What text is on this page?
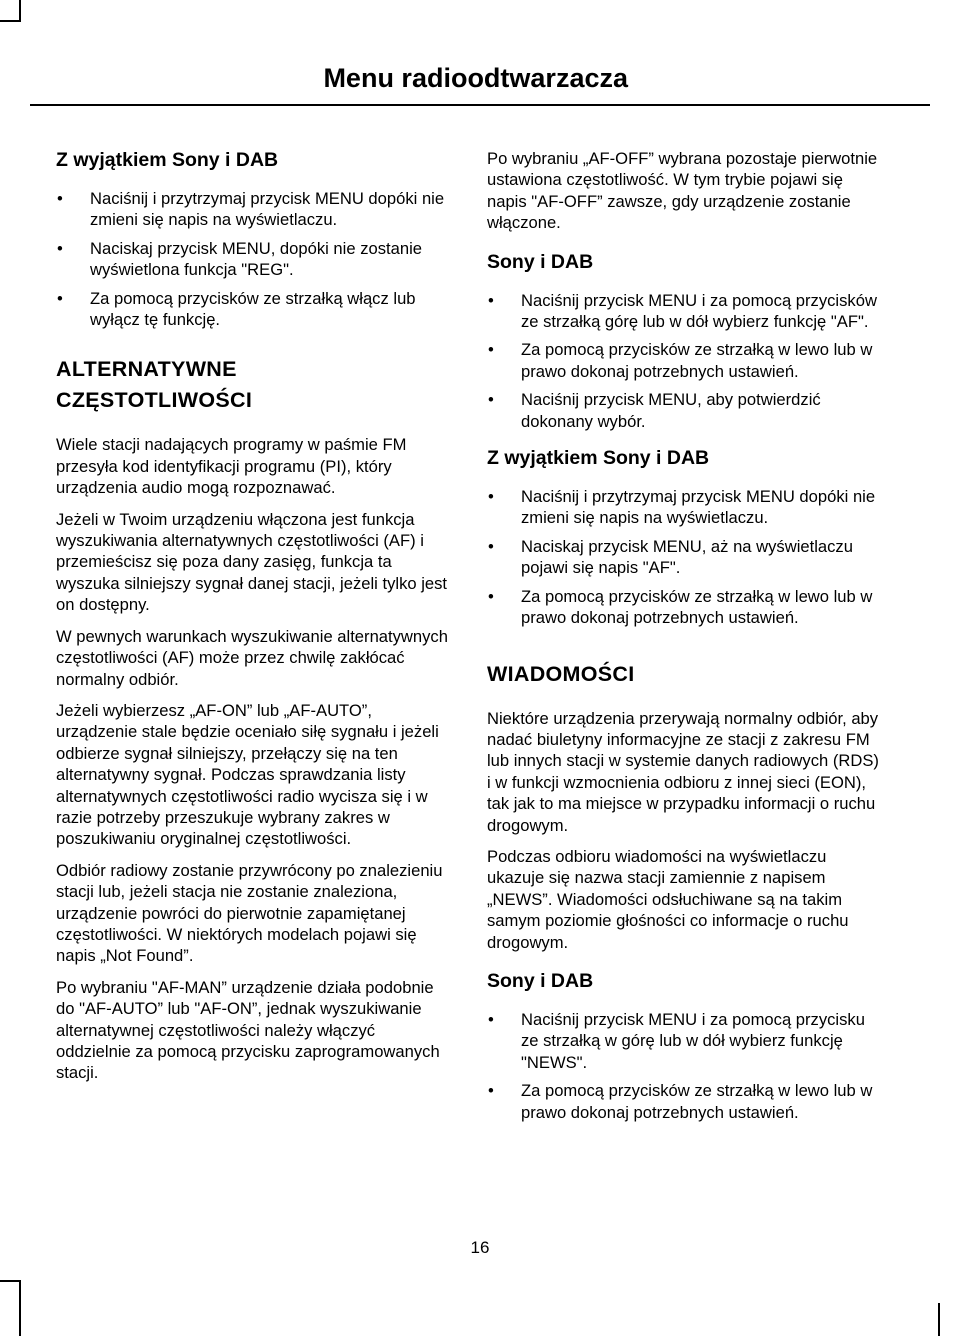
Menu radioodtwarzacza
Z wyjątkiem Sony i DAB
• Naciśnij i przytrzymaj przycisk MENU dopóki nie zmieni się napis na wyświetlaczu.
• Naciskaj przycisk MENU, dopóki nie zostanie wyświetlona funkcja "REG".
• Za pomocą przycisków ze strzałką włącz lub wyłącz tę funkcję.
ALTERNATYWNE CZĘSTOTLIWOŚCI

Wiele stacji nadających programy w paśmie FM przesyła kod identyfikacji programu (PI), który urządzenia audio mogą rozpoznawać.

Jeżeli w Twoim urządzeniu włączona jest funkcja wyszukiwania alternatywnych częstotliwości (AF) i przemieścisz się poza dany zasięg, funkcja ta wyszuka silniejszy sygnał danej stacji, jeżeli tylko jest on dostępny.

W pewnych warunkach wyszukiwanie alternatywnych częstotliwości (AF) może przez chwilę zakłócać normalny odbiór.

Jeżeli wybierzesz „AF-ON” lub „AF-AUTO”, urządzenie stale będzie oceniało siłę sygnału i jeżeli odbierze sygnał silniejszy, przełączy się na ten alternatywny sygnał. Podczas sprawdzania listy alternatywnych częstotliwości radio wycisza się i w razie potrzeby przeszukuje wybrany zakres w poszukiwaniu oryginalnej częstotliwości.

Odbiór radiowy zostanie przywrócony po znalezieniu stacji lub, jeżeli stacja nie zostanie znaleziona, urządzenie powróci do pierwotnie zapamiętanej częstotliwości. W niektórych modelach pojawi się napis „Not Found”.

Po wybraniu "AF-MAN” urządzenie działa podobnie do "AF-AUTO” lub "AF-ON”, jednak wyszukiwanie alternatywnej częstotliwości należy włączyć oddzielnie za pomocą przycisku zaprogramowanych stacji.

Po wybraniu „AF-OFF” wybrana pozostaje pierwotnie ustawiona częstotliwość. W tym trybie pojawi się napis "AF-OFF” zawsze, gdy urządzenie zostanie włączone.

Sony i DAB
• Naciśnij przycisk MENU i za pomocą przycisków ze strzałką górę lub w dół wybierz funkcję "AF".
• Za pomocą przycisków ze strzałką w lewo lub w prawo dokonaj potrzebnych ustawień.
• Naciśnij przycisk MENU, aby potwierdzić dokonany wybór.
Z wyjątkiem Sony i DAB
• Naciśnij i przytrzymaj przycisk MENU dopóki nie zmieni się napis na wyświetlaczu.
• Naciskaj przycisk MENU, aż na wyświetlaczu pojawi się napis "AF".
• Za pomocą przycisków ze strzałką w lewo lub w prawo dokonaj potrzebnych ustawień.
WIADOMOŚCI

Niektóre urządzenia przerywają normalny odbiór, aby nadać biuletyny informacyjne ze stacji z zakresu FM lub innych stacji w systemie danych radiowych (RDS) i w funkcji wzmocnienia odbioru z innej sieci (EON), tak jak to ma miejsce w przypadku informacji o ruchu drogowym.

Podczas odbioru wiadomości na wyświetlaczu ukazuje się nazwa stacji zamiennie z napisem „NEWS”. Wiadomości odsłuchiwane są na takim samym poziomie głośności co informacje o ruchu drogowym.

Sony i DAB
• Naciśnij przycisk MENU i za pomocą przycisku ze strzałką w górę lub w dół wybierz funkcję "NEWS".
• Za pomocą przycisków ze strzałką w lewo lub w prawo dokonaj potrzebnych ustawień.
16
